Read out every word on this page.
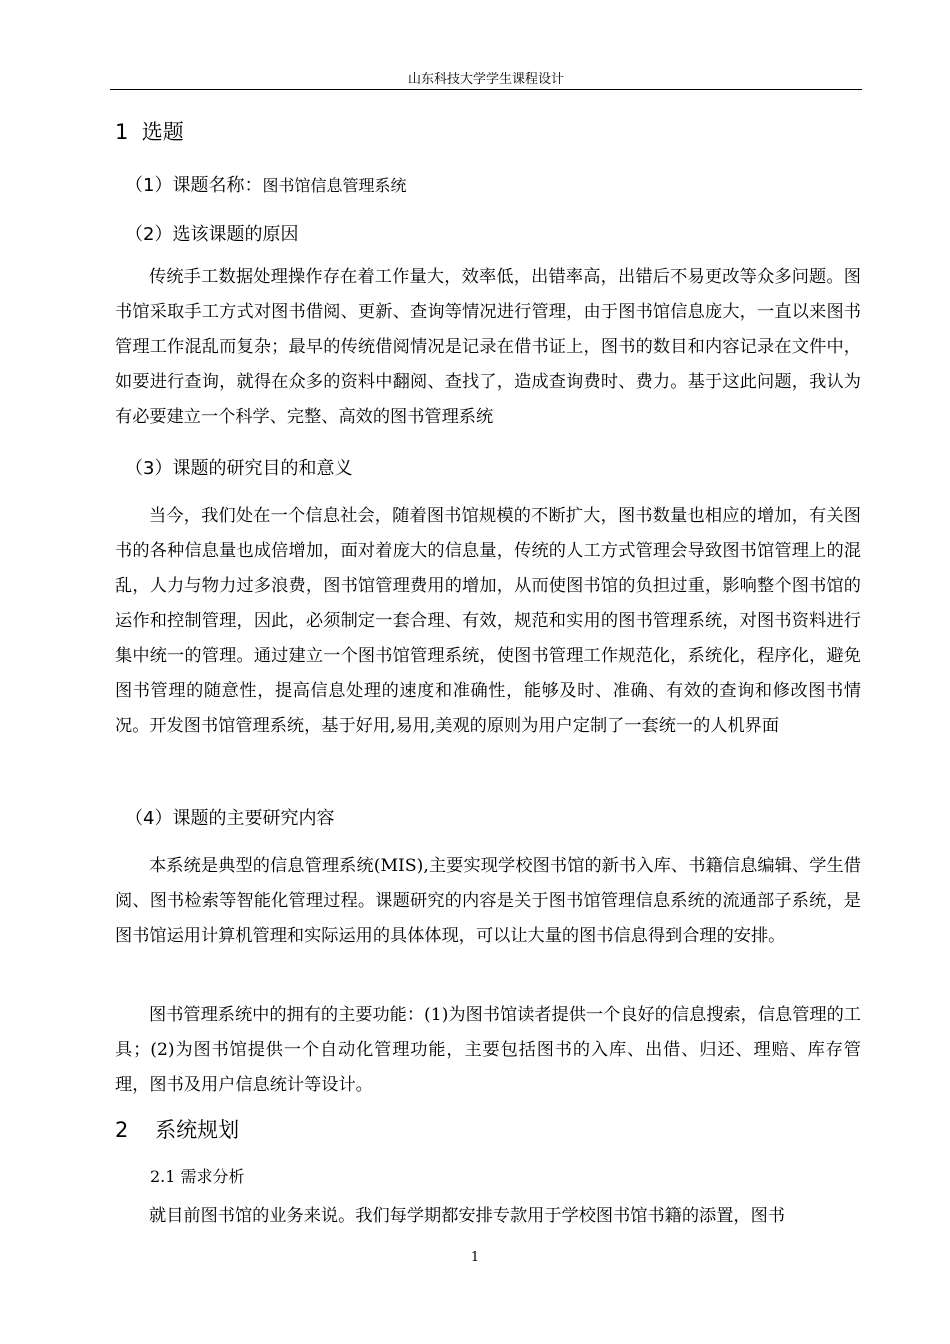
山东科技大学学生课程设计
1 选题
（1）课题名称：图书馆信息管理系统
（2）选该课题的原因

传统手工数据处理操作存在着工作量大，效率低，出错率高，出错后不易更改等众多问题。图书馆采取手工方式对图书借阅、更新、查询等情况进行管理，由于图书馆信息庞大，一直以来图书管理工作混乱而复杂；最早的传统借阅情况是记录在借书证上，图书的数目和内容记录在文件中，如要进行查询，就得在众多的资料中翻阅、查找了，造成查询费时、费力。基于这此问题，我认为有必要建立一个科学、完整、高效的图书管理系统

（3）课题的研究目的和意义

当今，我们处在一个信息社会，随着图书馆规模的不断扩大，图书数量也相应的增加，有关图书的各种信息量也成倍增加，面对着庞大的信息量，传统的人工方式管理会导致图书馆管理上的混乱，人力与物力过多浪费，图书馆管理费用的增加，从而使图书馆的负担过重，影响整个图书馆的运作和控制管理，因此，必须制定一套合理、有效，规范和实用的图书管理系统，对图书资料进行集中统一的管理。通过建立一个图书馆管理系统，使图书管理工作规范化，系统化，程序化，避免图书管理的随意性，提高信息处理的速度和准确性，能够及时、准确、有效的查询和修改图书情况。开发图书馆管理系统，基于好用,易用,美观的原则为用户定制了一套统一的人机界面

（4）课题的主要研究内容

本系统是典型的信息管理系统(MIS),主要实现学校图书馆的新书入库、书籍信息编辑、学生借阅、图书检索等智能化管理过程。课题研究的内容是关于图书馆管理信息系统的流通部子系统，是图书馆运用计算机管理和实际运用的具体体现，可以让大量的图书信息得到合理的安排。

图书管理系统中的拥有的主要功能：(1)为图书馆读者提供一个良好的信息搜索，信息管理的工具；(2)为图书馆提供一个自动化管理功能，主要包括图书的入库、出借、归还、理赔、库存管理，图书及用户信息统计等设计。

2 系统规划
2.1 需求分析

就目前图书馆的业务来说。我们每学期都安排专款用于学校图书馆书籍的添置，图书

1
